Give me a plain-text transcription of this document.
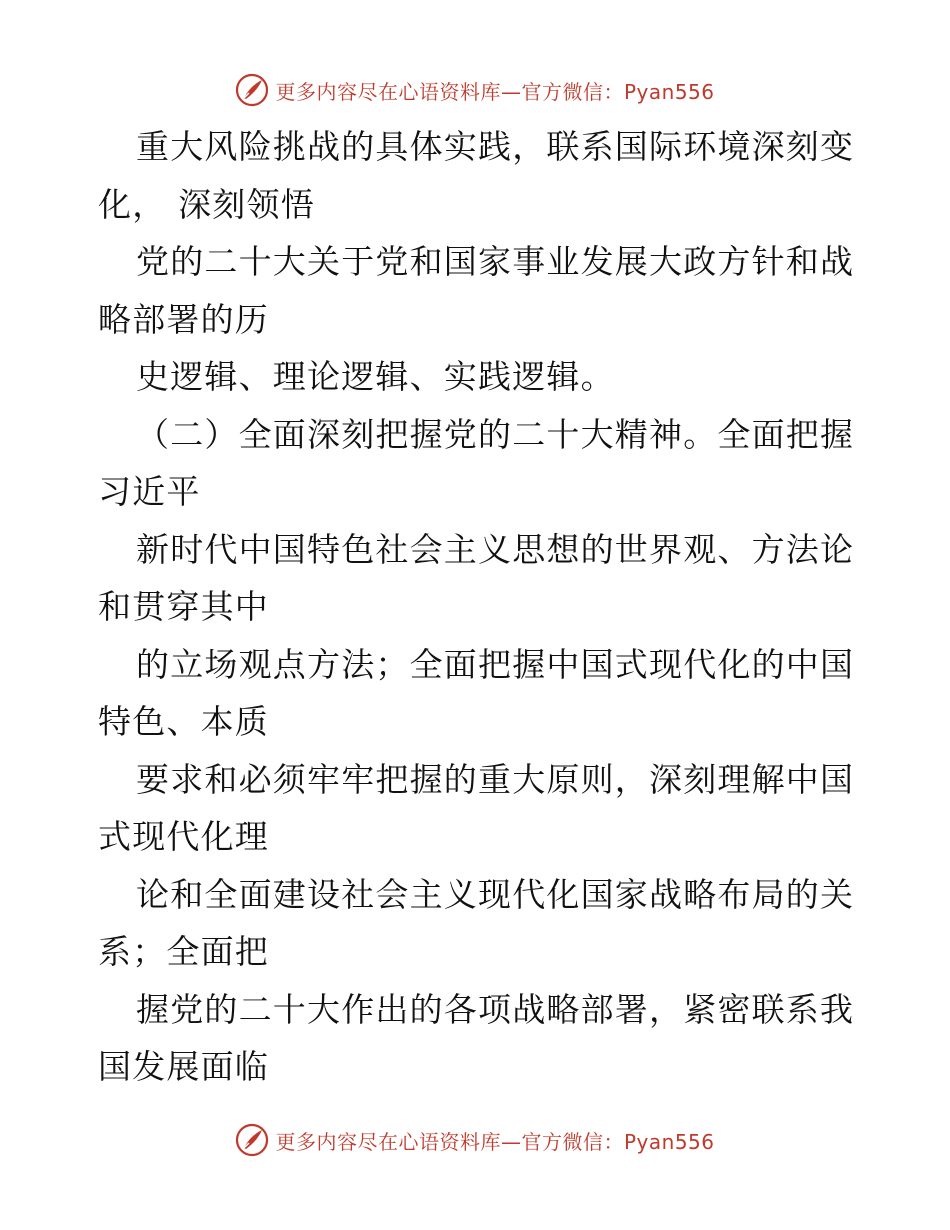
更多内容尽在心语资料库—官方微信：Pyan556
重大风险挑战的具体实践，联系国际环境深刻变
化， 深刻领悟
党的二十大关于党和国家事业发展大政方针和战
略部署的历
史逻辑、理论逻辑、实践逻辑。
（二）全面深刻把握党的二十大精神。全面把握
习近平
新时代中国特色社会主义思想的世界观、方法论
和贯穿其中
的立场观点方法；全面把握中国式现代化的中国
特色、本质
要求和必须牢牢把握的重大原则，深刻理解中国
式现代化理
论和全面建设社会主义现代化国家战略布局的关
系；全面把
握党的二十大作出的各项战略部署，紧密联系我
国发展面临
更多内容尽在心语资料库—官方微信：Pyan556
